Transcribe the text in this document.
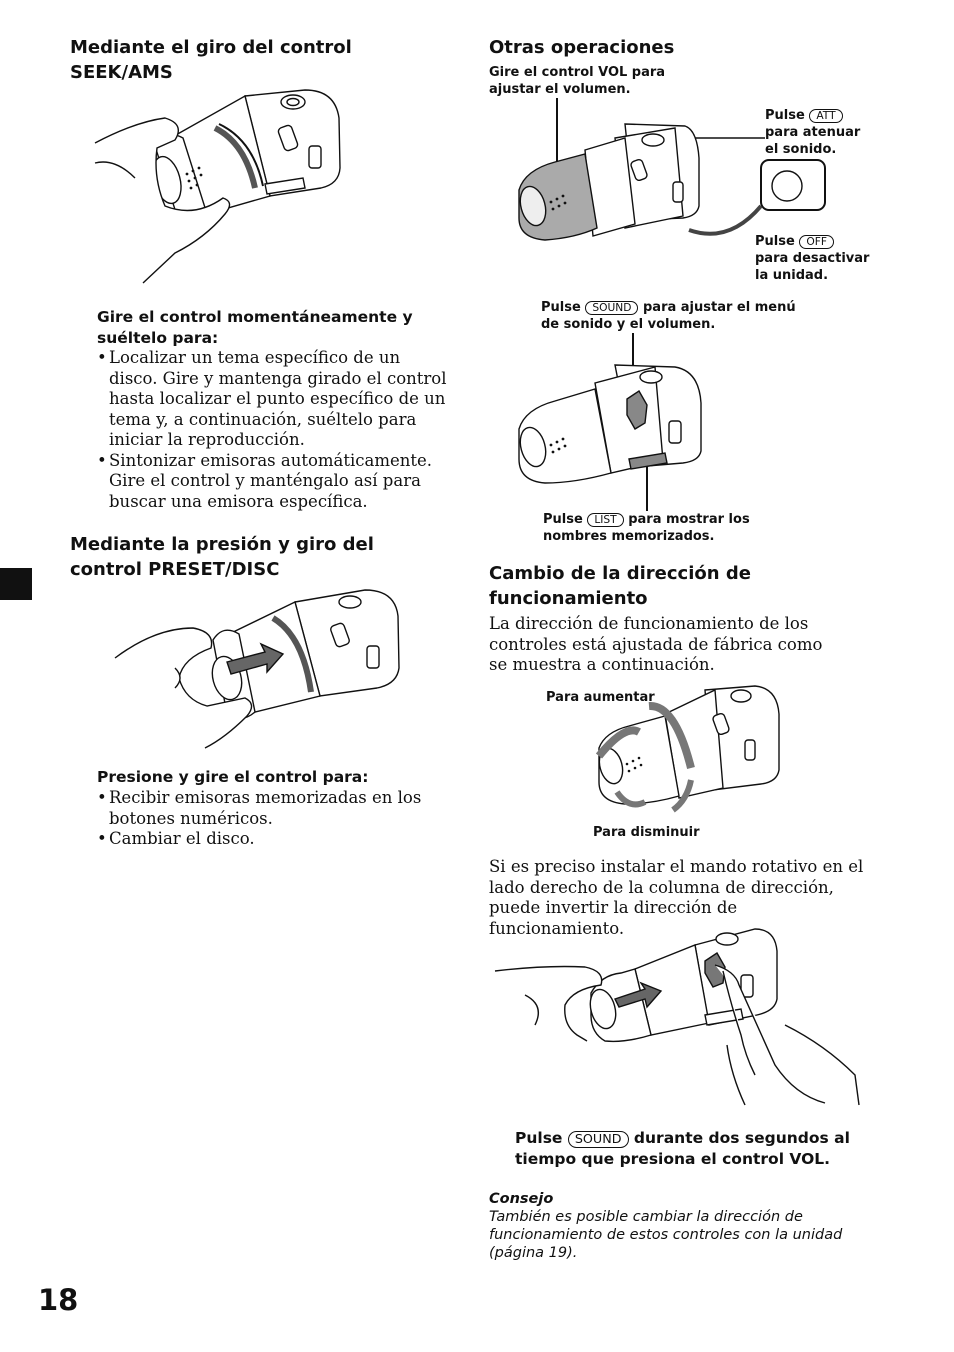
Mediante el giro del control
SEEK/AMS
Gire el control momentáneamente y
suéltelo para:
• Localizar un tema específico de un disco. Gire y mantenga girado el control hasta localizar el punto específico de un tema y, a continuación, suéltelo para iniciar la reproducción.
• Sintonizar emisoras automáticamente. Gire el control y manténgalo así para buscar una emisora específica.
Mediante la presión y giro del
control PRESET/DISC
Presione y gire el control para:
• Recibir emisoras memorizadas en los botones numéricos.
• Cambiar el disco.
Otras operaciones
Gire el control VOL para
ajustar el volumen.
Pulse ATT
para atenuar
el sonido.
Pulse OFF
para desactivar
la unidad.
Pulse SOUND para ajustar el menú
de sonido y el volumen.
Pulse LIST para mostrar los
nombres memorizados.
Cambio de la dirección de
funcionamiento
La dirección de funcionamiento de los controles está ajustada de fábrica como se muestra a continuación.
Para aumentar
Para disminuir
Si es preciso instalar el mando rotativo en el lado derecho de la columna de dirección, puede invertir la dirección de funcionamiento.
Pulse SOUND durante dos segundos al
tiempo que presiona el control VOL.
Consejo
También es posible cambiar la dirección de funcionamiento de estos controles con la unidad (página 19).
18
